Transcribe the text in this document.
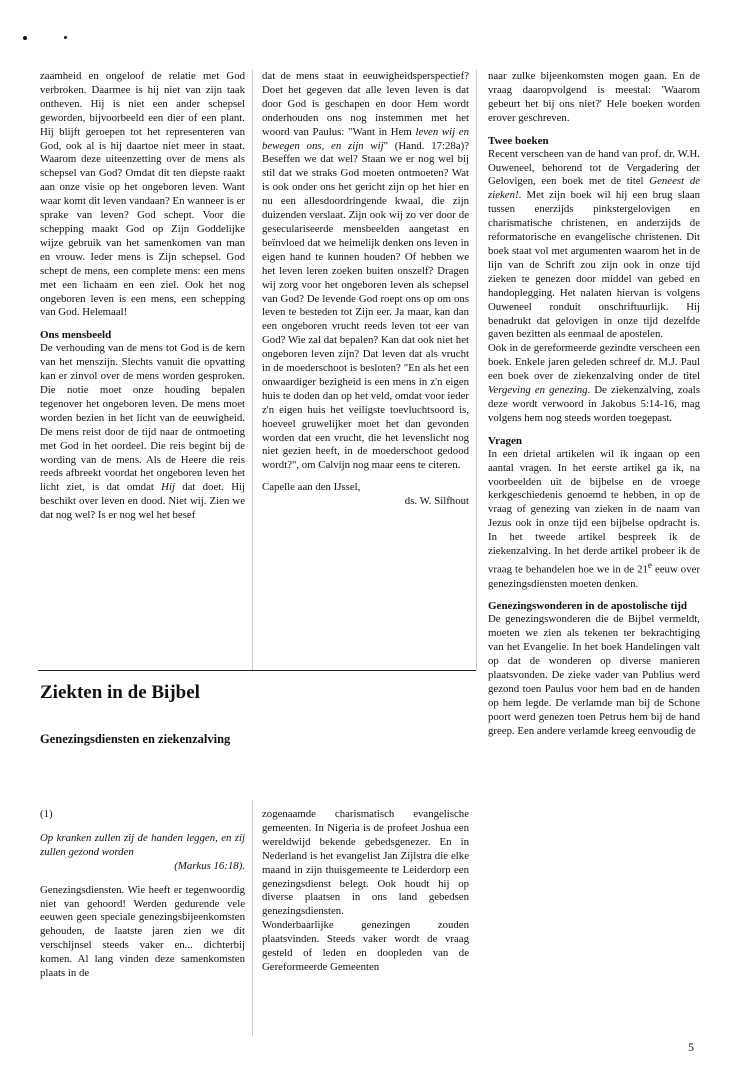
zaamheid en ongeloof de relatie met God verbroken. Daarmee is hij niet van zijn taak ontheven. Hij is niet een ander schepsel geworden, bijvoorbeeld een dier of een plant. Hij blijft geroepen tot het representeren van God, ook al is hij daartoe niet meer in staat. Waarom deze uiteenzetting over de mens als schepsel van God? Omdat dit ten diepste raakt aan onze visie op het ongeboren leven. Want waar komt dit leven vandaan? En wanneer is er sprake van leven? God schept. Voor die schepping maakt God op Zijn Goddelijke wijze gebruik van het samenkomen van man en vrouw. Ieder mens is Zijn schepsel. God schept de mens, een complete mens: een mens met een lichaam en een ziel. Ook het nog ongeboren leven is een mens, een schepping van God. Helemaal!

Ons mensbeeld

De verhouding van de mens tot God is de kern van het menszijn. Slechts vanuit die opvatting kan er zinvol over de mens worden gesproken. Die notie moet onze houding bepalen tegenover het ongeboren leven. De mens moet worden bezien in het licht van de eeuwigheid. De mens reist door de tijd naar de ontmoeting met God in het oordeel. Die reis begint bij de wording van de mens. Als de Heere die reis reeds afbreekt voordat het ongeboren leven het licht ziet, is dat omdat Hij dat doet. Hij beschikt over leven en dood. Niet wij. Zien we dat nog wel? Is er nog wel het besef

dat de mens staat in eeuwigheidsperspectief? Doet het gegeven dat alle leven leven is dat door God is geschapen en door Hem wordt onderhouden ons nog instemmen met het woord van Paulus: "Want in Hem leven wij en bewegen ons, en zijn wij" (Hand. 17:28a)? Beseffen we dat wel? Staan we er nog wel bij stil dat we straks God moeten ontmoeten? Wat is ook onder ons het gericht zijn op het hier en nu een allesdoordringende kwaal, die zijn duizenden verslaat. Zijn ook wij zo ver door de geseculariseerde mensbeelden aangetast en beïnvloed dat we heimelijk denken ons leven in eigen hand te kunnen houden? Of hebben we het leven leren zoeken buiten onszelf? Dragen wij zorg voor het ongeboren leven als schepsel van God? De levende God roept ons op om ons leven te besteden tot Zijn eer. Ja maar, kan dan een ongeboren vrucht reeds leven tot eer van God? Wie zal dat bepalen? Kan dat ook niet het ongeboren leven zijn? Dat leven dat als vrucht in de moederschoot is besloten? "En als het een onwaardiger bezigheid is een mens in z'n eigen huis te doden dan op het veld, omdat voor ieder z'n eigen huis het veiligste toevluchtsoord is, hoeveel gruwelijker moet het dan gevonden worden dat een vrucht, die het levenslicht nog niet gezien heeft, in de moederschoot gedood wordt?", om Calvijn nog maar eens te citeren.

Capelle aan den IJssel,

ds. W. Silfhout

naar zulke bijeenkomsten mogen gaan. En de vraag daaropvolgend is meestal: 'Waarom gebeurt het bij ons niet?' Hele boeken worden erover geschreven.

Twee boeken

Recent verscheen van de hand van prof. dr. W.H. Ouweneel, behorend tot de Vergadering der Gelovigen, een boek met de titel Geneest de zieken!. Met zijn boek wil hij een brug slaan tussen enerzijds pinkstergelovigen en charismatische christenen, en anderzijds de reformatorische en evangelische christenen. Dit boek staat vol met argumenten waarom het in de lijn van de Schrift zou zijn ook in onze tijd zieken te genezen door middel van gebed en handoplegging. Het nalaten hiervan is volgens Ouweneel ronduit onschriftuurlijk. Hij benadrukt dat gelovigen in onze tijd dezelfde gaven bezitten als eenmaal de apostelen.

Ook in de gereformeerde gezindte verscheen een boek. Enkele jaren geleden schreef dr. M.J. Paul een boek over de ziekenzalving onder de titel Vergeving en genezing. De ziekenzalving, zoals deze wordt verwoord in Jakobus 5:14-16, mag volgens hem nog steeds worden toegepast.

Vragen

In een drietal artikelen wil ik ingaan op een aantal vragen. In het eerste artikel ga ik, na voorbeelden uit de bijbelse en de vroege kerkgeschiedenis genoemd te hebben, in op de vraag of genezing van zieken in de naam van Jezus ook in onze tijd een bijbelse opdracht is. In het tweede artikel bespreek ik de ziekenzalving. In het derde artikel probeer ik de vraag te behandelen hoe we in de 21e eeuw over genezingsdiensten moeten denken.

Genezingswonderen in de apostolische tijd

De genezingswonderen die de Bijbel vermeldt, moeten we zien als tekenen ter bekrachtiging van het Evangelie. In het boek Handelingen valt op dat de wonderen op diverse manieren plaatsvonden. De zieke vader van Publius werd gezond toen Paulus voor hem bad en de handen op hem legde. De verlamde man bij de Schone poort werd genezen toen Petrus hem bij de hand greep. Een andere verlamde kreeg eenvoudig de

Ziekten in de Bijbel
Genezingsdiensten en ziekenzalving

(1)

Op kranken zullen zij de handen leggen, en zij zullen gezond worden

(Markus 16:18).

Genezingsdiensten. Wie heeft er tegenwoordig niet van gehoord! Werden gedurende vele eeuwen geen speciale genezingsbijeenkomsten gehouden, de laatste jaren zien we dit verschijnsel steeds vaker en... dichterbij komen. Al lang vinden deze samenkomsten plaats in de

zogenaamde charismatisch evangelische gemeenten. In Nigeria is de profeet Joshua een wereldwijd bekende gebedsgenezer. En in Nederland is het evangelist Jan Zijlstra die elke maand in zijn thuisgemeente te Leiderdorp een genezingsdienst belegt. Ook houdt hij op diverse plaatsen in ons land gebedsen genezingsdiensten.

Wonderbaarlijke genezingen zouden plaatsvinden. Steeds vaker wordt de vraag gesteld of leden en doopleden van de Gereformeerde Gemeenten

5
